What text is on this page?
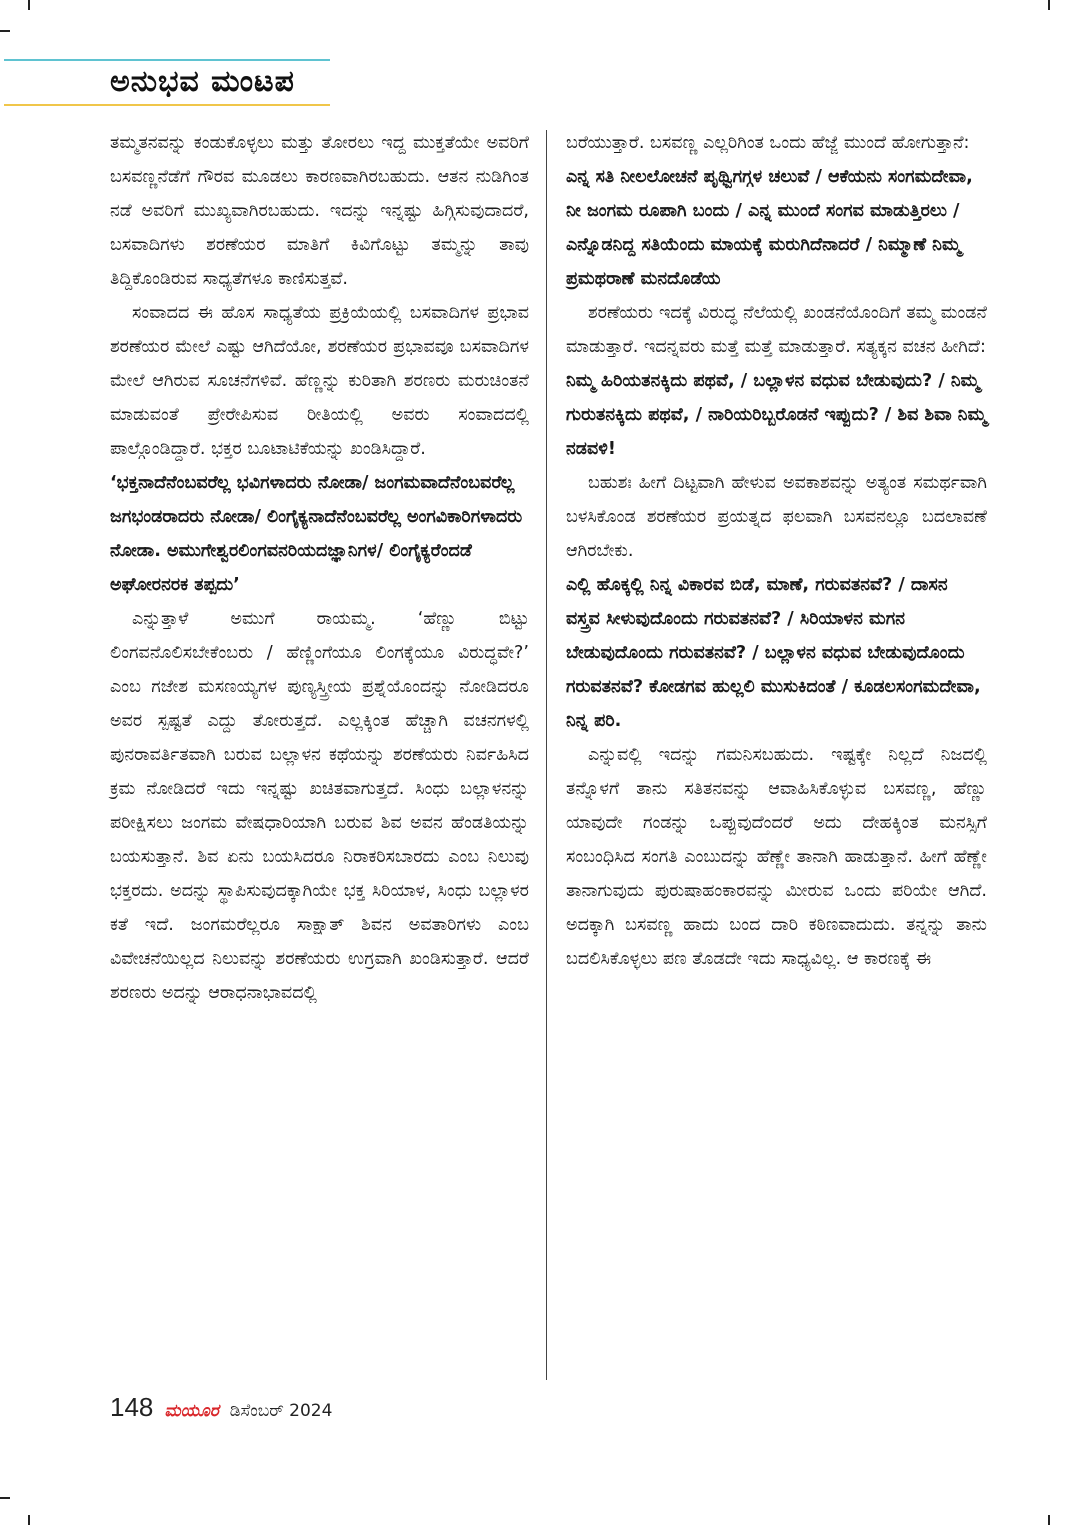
ಅನುಭವ ಮಂಟಪ

ತಮ್ಮತನವನ್ನು ಕಂಡುಕೊಳ್ಳಲು ಮತ್ತು ತೋರಲು ಇದ್ದ ಮುಕ್ತತೆಯೇ ಅವರಿಗೆ ಬಸವಣ್ಣನೆಡೆಗೆ ಗೌರವ ಮೂಡಲು ಕಾರಣವಾಗಿರಬಹುದು. ಆತನ ನುಡಿಗಿಂತ ನಡೆ ಅವರಿಗೆ ಮುಖ್ಯವಾಗಿರಬಹುದು. ಇದನ್ನು ಇನ್ನಷ್ಟು ಹಿಗ್ಗಿಸುವುದಾದರೆ, ಬಸವಾದಿಗಳು ಶರಣೆಯರ ಮಾತಿಗೆ ಕಿವಿಗೊಟ್ಟು ತಮ್ಮನ್ನು ತಾವು ತಿದ್ದಿಕೊಂಡಿರುವ ಸಾಧ್ಯತೆಗಳೂ ಕಾಣಿಸುತ್ತವೆ.

ಸಂವಾದದ ಈ ಹೊಸ ಸಾಧ್ಯತೆಯ ಪ್ರಕ್ರಿಯೆಯಲ್ಲಿ ಬಸವಾದಿಗಳ ಪ್ರಭಾವ ಶರಣೆಯರ ಮೇಲೆ ಎಷ್ಟು ಆಗಿದೆಯೋ, ಶರಣೆಯರ ಪ್ರಭಾವವೂ ಬಸವಾದಿಗಳ ಮೇಲೆ ಆಗಿರುವ ಸೂಚನೆಗಳಿವೆ. ಹೆಣ್ಣನ್ನು ಕುರಿತಾಗಿ ಶರಣರು ಮರುಚಿಂತನೆ ಮಾಡುವಂತೆ ಪ್ರೇರೇಪಿಸುವ ರೀತಿಯಲ್ಲಿ ಅವರು ಸಂವಾದದಲ್ಲಿ ಪಾಲ್ಗೊಂಡಿದ್ದಾರೆ. ಭಕ್ತರ ಬೂಟಾಟಿಕೆಯನ್ನು ಖಂಡಿಸಿದ್ದಾರೆ.

‘ಭಕ್ತನಾದೆನೆಂಬವರೆಲ್ಲ ಭವಿಗಳಾದರು ನೋಡಾ/ ಜಂಗಮವಾದೆನೆಂಬವರೆಲ್ಲ ಜಗಭಂಡರಾದರು ನೋಡಾ/ ಲಿಂಗೈಕ್ಯನಾದೆನೆಂಬವರೆಲ್ಲ ಅಂಗವಿಕಾರಿಗಳಾದರು ನೋಡಾ. ಅಮುಗೇಶ್ವರಲಿಂಗವನರಿಯದಜ್ಞಾನಿಗಳ/ ಲಿಂಗೈಕ್ಯರೆಂದಡೆ ಅಘೋರನರಕ ತಪ್ಪದು’

ಎನ್ನುತ್ತಾಳೆ ಅಮುಗೆ ರಾಯಮ್ಮ. ‘ಹೆಣ್ಣು ಬಿಟ್ಟು ಲಿಂಗವನೊಲಿಸಬೇಕೆಂಬರು / ಹೆಣ್ಣಿಂಗೆಯೂ ಲಿಂಗಕ್ಕೆಯೂ ವಿರುದ್ಧವೇ?’ ಎಂಬ ಗಜೇಶ ಮಸಣಯ್ಯಗಳ ಪುಣ್ಯಸ್ತ್ರೀಯ ಪ್ರಶ್ನೆಯೊಂದನ್ನು ನೋಡಿದರೂ ಅವರ ಸ್ಪಷ್ಟತೆ ಎದ್ದು ತೋರುತ್ತದೆ. ಎಲ್ಲಕ್ಕಿಂತ ಹೆಚ್ಚಾಗಿ ವಚನಗಳಲ್ಲಿ ಪುನರಾವರ್ತಿತವಾಗಿ ಬರುವ ಬಲ್ಲಾಳನ ಕಥೆಯನ್ನು ಶರಣೆಯರು ನಿರ್ವಹಿಸಿದ ಕ್ರಮ ನೋಡಿದರೆ ಇದು ಇನ್ನಷ್ಟು ಖಚಿತವಾಗುತ್ತದೆ. ಸಿಂಧು ಬಲ್ಲಾಳನನ್ನು ಪರೀಕ್ಷಿಸಲು ಜಂಗಮ ವೇಷಧಾರಿಯಾಗಿ ಬರುವ ಶಿವ ಅವನ ಹೆಂಡತಿಯನ್ನು ಬಯಸುತ್ತಾನೆ. ಶಿವ ಏನು ಬಯಸಿದರೂ ನಿರಾಕರಿಸಬಾರದು ಎಂಬ ನಿಲುವು ಭಕ್ತರದು. ಅದನ್ನು ಸ್ಥಾಪಿಸುವುದಕ್ಕಾಗಿಯೇ ಭಕ್ತ ಸಿರಿಯಾಳ, ಸಿಂಧು ಬಲ್ಲಾಳರ ಕತೆ ಇದೆ. ಜಂಗಮರೆಲ್ಲರೂ ಸಾಕ್ಷಾತ್ ಶಿವನ ಅವತಾರಿಗಳು ಎಂಬ ವಿವೇಚನೆಯಿಲ್ಲದ ನಿಲುವನ್ನು ಶರಣೆಯರು ಉಗ್ರವಾಗಿ ಖಂಡಿಸುತ್ತಾರೆ. ಆದರೆ ಶರಣರು ಅದನ್ನು ಆರಾಧನಾಭಾವದಲ್ಲಿ

ಬರೆಯುತ್ತಾರೆ. ಬಸವಣ್ಣ ಎಲ್ಲರಿಗಿಂತ ಒಂದು ಹೆಜ್ಜೆ ಮುಂದೆ ಹೋಗುತ್ತಾನೆ:

ಎನ್ನ ಸತಿ ನೀಲಲೋಚನೆ ಪೃಥ್ವಿಗಗ್ಗಳ ಚಲುವೆ / ಆಕೆಯನು ಸಂಗಮದೇವಾ, ನೀ ಜಂಗಮ ರೂಪಾಗಿ ಬಂದು / ಎನ್ನ ಮುಂದೆ ಸಂಗವ ಮಾಡುತ್ತಿರಲು / ಎನ್ನೊಡನಿದ್ದ ಸತಿಯೆಂದು ಮಾಯಕ್ಕೆ ಮರುಗಿದೆನಾದರೆ / ನಿಮ್ಮಾಣೆ ನಿಮ್ಮ ಪ್ರಮಥರಾಣೆ ಮನದೊಡೆಯ

ಶರಣೆಯರು ಇದಕ್ಕೆ ವಿರುದ್ಧ ನೆಲೆಯಲ್ಲಿ ಖಂಡನೆಯೊಂದಿಗೆ ತಮ್ಮ ಮಂಡನೆ ಮಾಡುತ್ತಾರೆ. ಇದನ್ನವರು ಮತ್ತೆ ಮತ್ತೆ ಮಾಡುತ್ತಾರೆ. ಸತ್ಯಕ್ಕನ ವಚನ ಹೀಗಿದೆ:

ನಿಮ್ಮ ಹಿರಿಯತನಕ್ಕಿದು ಪಥವೆ, / ಬಲ್ಲಾಳನ ವಧುವ ಬೇಡುವುದು? / ನಿಮ್ಮ ಗುರುತನಕ್ಕಿದು ಪಥವೆ, / ನಾರಿಯರಿಬ್ಬರೊಡನೆ ಇಪ್ಪುದು? / ಶಿವ ಶಿವಾ ನಿಮ್ಮ ನಡವಳಿ!

ಬಹುಶಃ ಹೀಗೆ ದಿಟ್ಟವಾಗಿ ಹೇಳುವ ಅವಕಾಶವನ್ನು ಅತ್ಯಂತ ಸಮರ್ಥವಾಗಿ ಬಳಸಿಕೊಂಡ ಶರಣೆಯರ ಪ್ರಯತ್ನದ ಫಲವಾಗಿ ಬಸವನಲ್ಲೂ ಬದಲಾವಣೆ ಆಗಿರಬೇಕು.

ಎಲ್ಲಿ ಹೊಕ್ಕಲ್ಲಿ ನಿನ್ನ ವಿಕಾರವ ಬಿಡೆ, ಮಾಣೆ, ಗರುವತನವೆ? / ದಾಸನ ವಸ್ತ್ರವ ಸೀಳುವುದೊಂದು ಗರುವತನವೆ? / ಸಿರಿಯಾಳನ ಮಗನ ಬೇಡುವುದೊಂದು ಗರುವತನವೆ? / ಬಲ್ಲಾಳನ ವಧುವ ಬೇಡುವುದೊಂದು ಗರುವತನವೆ? ಕೋಡಗವ ಹುಲ್ಲಲಿ ಮುಸುಕಿದಂತೆ / ಕೂಡಲಸಂಗಮದೇವಾ, ನಿನ್ನ ಪರಿ.

ಎನ್ನುವಲ್ಲಿ ಇದನ್ನು ಗಮನಿಸಬಹುದು. ಇಷ್ಟಕ್ಕೇ ನಿಲ್ಲದೆ ನಿಜದಲ್ಲಿ ತನ್ನೊಳಗೆ ತಾನು ಸತಿತನವನ್ನು ಆವಾಹಿಸಿಕೊಳ್ಳುವ ಬಸವಣ್ಣ, ಹೆಣ್ಣು ಯಾವುದೇ ಗಂಡನ್ನು ಒಪ್ಪುವುದೆಂದರೆ ಅದು ದೇಹಕ್ಕಿಂತ ಮನಸ್ಸಿಗೆ ಸಂಬಂಧಿಸಿದ ಸಂಗತಿ ಎಂಬುದನ್ನು ಹೆಣ್ಣೇ ತಾನಾಗಿ ಹಾಡುತ್ತಾನೆ. ಹೀಗೆ ಹೆಣ್ಣೇ ತಾನಾಗುವುದು ಪುರುಷಾಹಂಕಾರವನ್ನು ಮೀರುವ ಒಂದು ಪರಿಯೇ ಆಗಿದೆ. ಅದಕ್ಕಾಗಿ ಬಸವಣ್ಣ ಹಾದು ಬಂದ ದಾರಿ ಕಠಿಣವಾದುದು. ತನ್ನನ್ನು ತಾನು ಬದಲಿಸಿಕೊಳ್ಳಲು ಪಣ ತೊಡದೇ ಇದು ಸಾಧ್ಯವಿಲ್ಲ. ಆ ಕಾರಣಕ್ಕೆ ಈ

148 ಮಯೂರ ಡಿಸೆಂಬರ್ 2024
